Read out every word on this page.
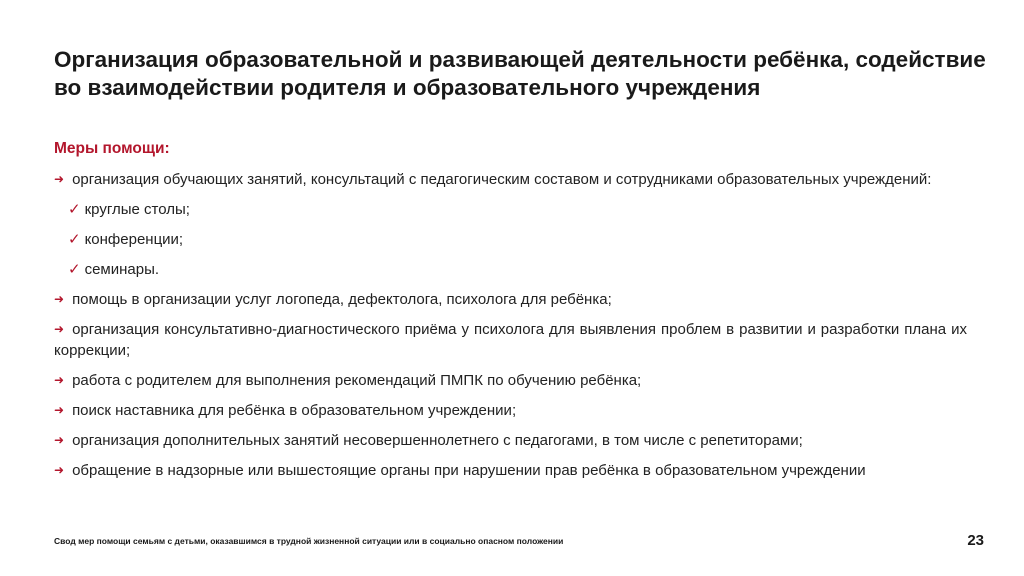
Организация образовательной и развивающей деятельности ребёнка, содействие во взаимодействии родителя и образовательного учреждения
Меры помощи:

➜ организация обучающих занятий, консультаций с педагогическим составом и сотрудниками образовательных учреждений:

✓ круглые столы;

✓ конференции;

✓ семинары.

➜ помощь в организации услуг логопеда, дефектолога, психолога для ребёнка;

➜ организация консультативно-диагностического приёма у психолога для выявления проблем в развитии и разработки плана их коррекции;

➜ работа с родителем для выполнения рекомендаций ПМПК по обучению ребёнка;

➜ поиск наставника для ребёнка в образовательном учреждении;

➜ организация дополнительных занятий несовершеннолетнего с педагогами, в том числе с репетиторами;

➜ обращение в надзорные или вышестоящие органы при нарушении прав ребёнка в образовательном учреждении

Свод мер помощи семьям с детьми, оказавшимся в трудной жизненной ситуации или в социально опасном положении	23
